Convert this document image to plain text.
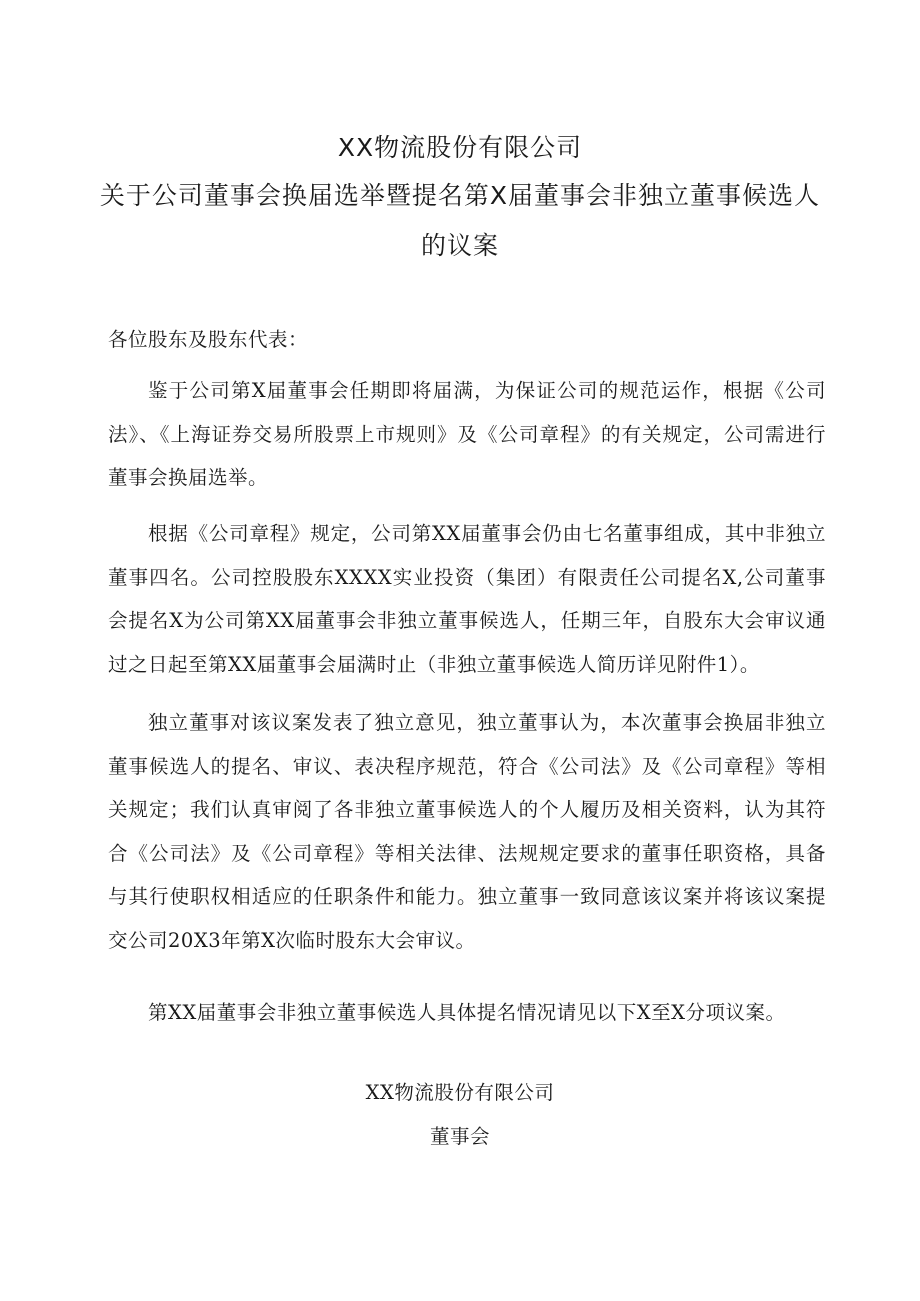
XX物流股份有限公司
关于公司董事会换届选举暨提名第X届董事会非独立董事候选人
的议案
各位股东及股东代表：
鉴于公司第X届董事会任期即将届满，为保证公司的规范运作，根据《公司法》、《上海证券交易所股票上市规则》及《公司章程》的有关规定，公司需进行董事会换届选举。
根据《公司章程》规定，公司第XX届董事会仍由七名董事组成，其中非独立董事四名。公司控股股东XXXX实业投资（集团）有限责任公司提名X,公司董事会提名X为公司第XX届董事会非独立董事候选人，任期三年，自股东大会审议通过之日起至第XX届董事会届满时止（非独立董事候选人简历详见附件1）。
独立董事对该议案发表了独立意见，独立董事认为，本次董事会换届非独立董事候选人的提名、审议、表决程序规范，符合《公司法》及《公司章程》等相关规定；我们认真审阅了各非独立董事候选人的个人履历及相关资料，认为其符合《公司法》及《公司章程》等相关法律、法规规定要求的董事任职资格，具备与其行使职权相适应的任职条件和能力。独立董事一致同意该议案并将该议案提交公司20X3年第X次临时股东大会审议。
第XX届董事会非独立董事候选人具体提名情况请见以下X至X分项议案。
XX物流股份有限公司
董事会
